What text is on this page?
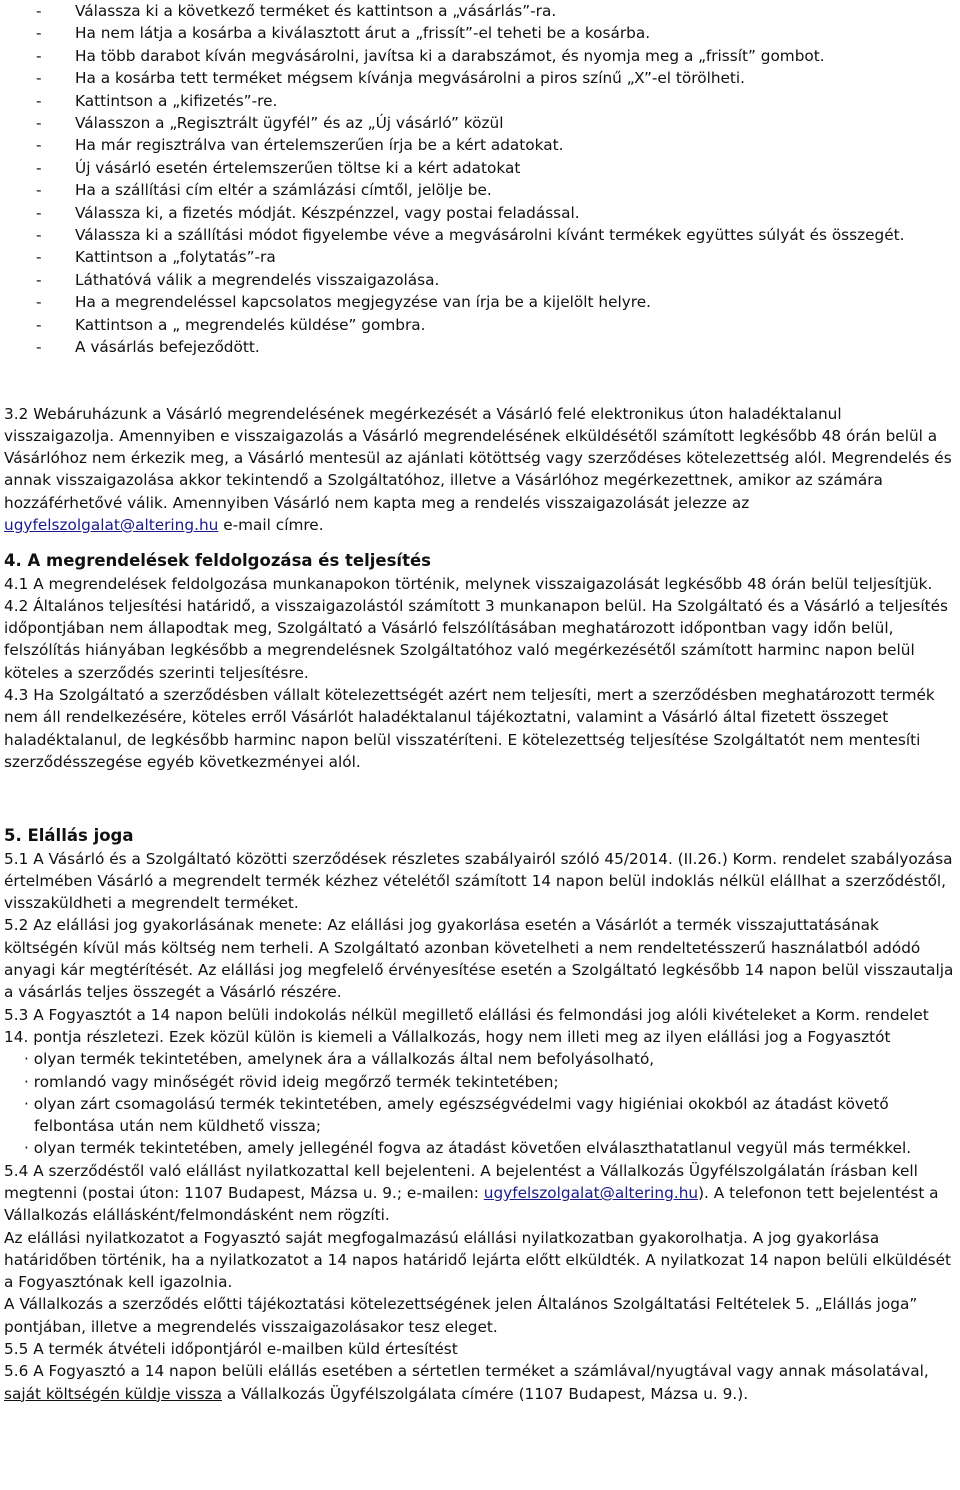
- Válassza ki a következő terméket és kattintson a „vásárlás”-ra.
- Ha nem látja a kosárba a kiválasztott árut a „frissít”-el teheti be a kosárba.
- Ha több darabot kíván megvásárolni, javítsa ki a darabszámot, és nyomja meg a „frissít” gombot.
- Ha a kosárba tett terméket mégsem kívánja megvásárolni a piros színű „X”-el törölheti.
- Kattintson a „kifizetés”-re.
- Válasszon a „Regisztrált ügyfél” és az „Új vásárló” közül
- Ha már regisztrálva van értelemszerűen írja be a kért adatokat.
- Új vásárló esetén értelemszerűen töltse ki a kért adatokat
- Ha a szállítási cím eltér a számlázási címtől, jelölje be.
- Válassza ki, a fizetés módját. Készpénzzel, vagy postai feladással.
- Válassza ki a szállítási módot figyelembe véve a megvásárolni kívánt termékek együttes súlyát és összegét.
- Kattintson a „folytatás”-ra
- Láthatóvá válik a megrendelés visszaigazolása.
- Ha a megrendeléssel kapcsolatos megjegyzése van írja be a kijelölt helyre.
- Kattintson a „ megrendelés küldése” gombra.
- A vásárlás befejeződött.

3.2 Webáruházunk a Vásárló megrendelésének megérkezését a Vásárló felé elektronikus úton haladéktalanul visszaigazolja. Amennyiben e visszaigazolás a Vásárló megrendelésének elküldésétől számított legkésőbb 48 órán belül a Vásárlóhoz nem érkezik meg, a Vásárló mentesül az ajánlati kötöttség vagy szerződéses kötelezettség alól. Megrendelés és annak visszaigazolása akkor tekintendő a Szolgáltatóhoz, illetve a Vásárlóhoz megérkezettnek, amikor az számára hozzáférhetővé válik. Amennyiben Vásárló nem kapta meg a rendelés visszaigazolását jelezze az ugyfelszolgalat@altering.hu e-mail címre.

4. A megrendelések feldolgozása és teljesítés

4.1 A megrendelések feldolgozása munkanapokon történik, melynek visszaigazolását legkésőbb 48 órán belül teljesítjük.

4.2 Általános teljesítési határidő, a visszaigazolástól számított 3 munkanapon belül. Ha Szolgáltató és a Vásárló a teljesítés időpontjában nem állapodtak meg, Szolgáltató a Vásárló felszólításában meghatározott időpontban vagy időn belül, felszólítás hiányában legkésőbb a megrendelésnek Szolgáltatóhoz való megérkezésétől számított harminc napon belül köteles a szerződés szerinti teljesítésre.

4.3 Ha Szolgáltató a szerződésben vállalt kötelezettségét azért nem teljesíti, mert a szerződésben meghatározott termék nem áll rendelkezésére, köteles erről Vásárlót haladéktalanul tájékoztatni, valamint a Vásárló által fizetett összeget haladéktalanul, de legkésőbb harminc napon belül visszatéríteni. E kötelezettség teljesítése Szolgáltatót nem mentesíti szerződésszegése egyéb következményei alól.

5. Elállás joga

5.1 A Vásárló és a Szolgáltató közötti szerződések részletes szabályairól szóló 45/2014. (II.26.) Korm. rendelet szabályozása értelmében Vásárló a megrendelt termék kézhez vételétől számított 14 napon belül indoklás nélkül elállhat a szerződéstől, visszaküldheti a megrendelt terméket.

5.2 Az elállási jog gyakorlásának menete: Az elállási jog gyakorlása esetén a Vásárlót a termék visszajuttatásának költségén kívül más költség nem terheli. A Szolgáltató azonban követelheti a nem rendeltetésszerű használatból adódó anyagi kár megtérítését. Az elállási jog megfelelő érvényesítése esetén a Szolgáltató legkésőbb 14 napon belül visszautalja a vásárlás teljes összegét a Vásárló részére.

5.3 A Fogyasztót a 14 napon belüli indokolás nélkül megillető elállási és felmondási jog alóli kivételeket a Korm. rendelet 14. pontja részletezi. Ezek közül külön is kiemeli a Vállalkozás, hogy nem illeti meg az ilyen elállási jog a Fogyasztót

· olyan termék tekintetében, amelynek ára a vállalkozás által nem befolyásolható,

· romlandó vagy minőségét rövid ideig megőrző termék tekintetében;

· olyan zárt csomagolású termék tekintetében, amely egészségvédelmi vagy higiéniai okokból az átadást követő felbontása után nem küldhető vissza;

· olyan termék tekintetében, amely jellegénél fogva az átadást követően elválaszthatatlanul vegyül más termékkel.

5.4 A szerződéstől való elállást nyilatkozattal kell bejelenteni. A bejelentést a Vállalkozás Ügyfélszolgálatán írásban kell megtenni (postai úton: 1107 Budapest, Mázsa u. 9.; e-mailen: ugyfelszolgalat@altering.hu). A telefonon tett bejelentést a Vállalkozás elállásként/felmondásként nem rögzíti.

Az elállási nyilatkozatot a Fogyasztó saját megfogalmazású elállási nyilatkozatban gyakorolhatja. A jog gyakorlása határidőben történik, ha a nyilatkozatot a 14 napos határidő lejárta előtt elküldték. A nyilatkozat 14 napon belüli elküldését a Fogyasztónak kell igazolnia.

A Vállalkozás a szerződés előtti tájékoztatási kötelezettségének jelen Általános Szolgáltatási Feltételek 5. „Elállás joga” pontjában, illetve a megrendelés visszaigazolásakor tesz eleget.

5.5 A termék átvételi időpontjáról e-mailben küld értesítést

5.6 A Fogyasztó a 14 napon belüli elállás esetében a sértetlen terméket a számlával/nyugtával vagy annak másolatával, saját költségén küldje vissza a Vállalkozás Ügyfélszolgálata címére (1107 Budapest, Mázsa u. 9.).
